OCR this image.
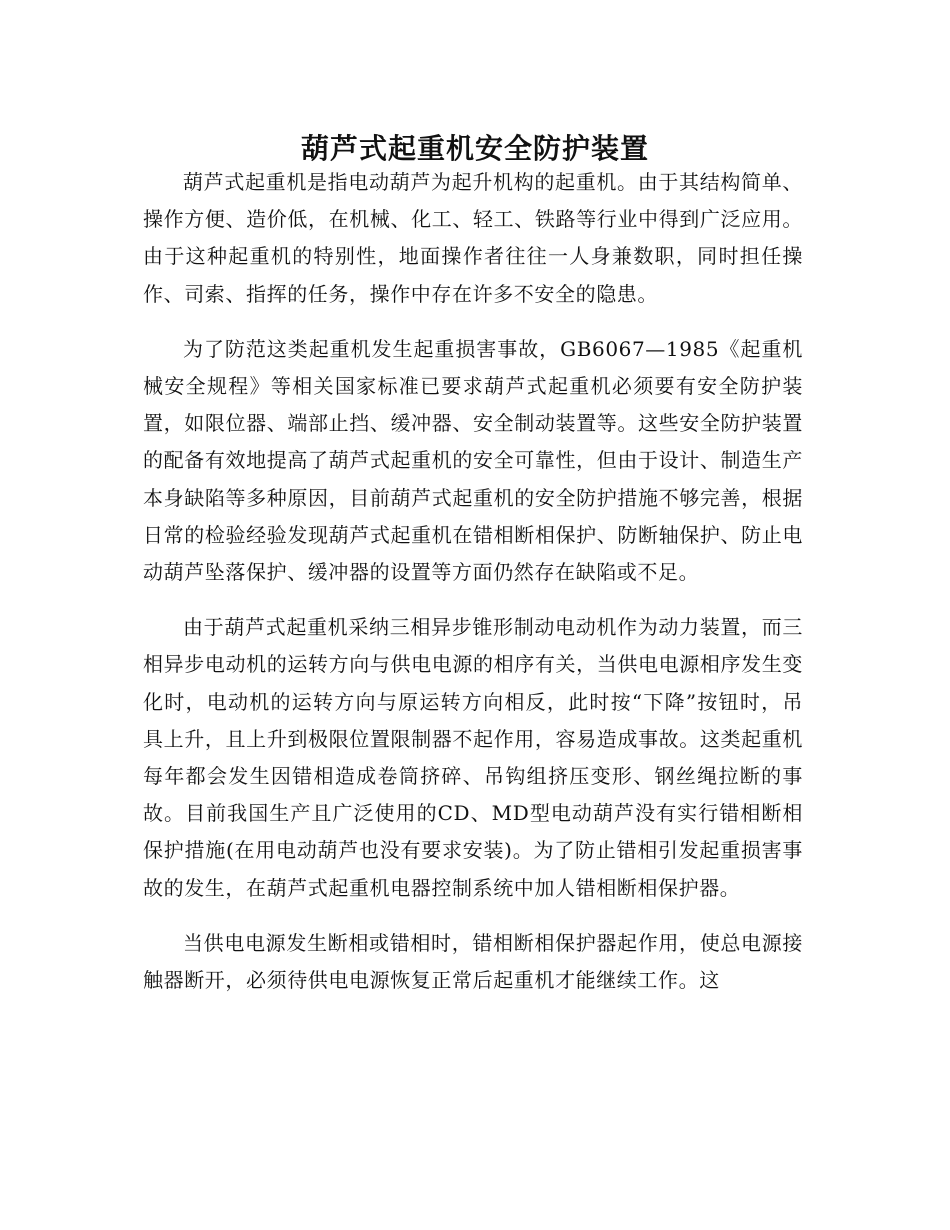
葫芦式起重机安全防护装置

葫芦式起重机是指电动葫芦为起升机构的起重机。由于其结构简单、操作方便、造价低，在机械、化工、轻工、铁路等行业中得到广泛应用。由于这种起重机的特别性，地面操作者往往一人身兼数职，同时担任操作、司索、指挥的任务，操作中存在许多不安全的隐患。

为了防范这类起重机发生起重损害事故，GB6067—1985《起重机械安全规程》等相关国家标准已要求葫芦式起重机必须要有安全防护装置，如限位器、端部止挡、缓冲器、安全制动装置等。这些安全防护装置的配备有效地提高了葫芦式起重机的安全可靠性，但由于设计、制造生产本身缺陷等多种原因，目前葫芦式起重机的安全防护措施不够完善，根据日常的检验经验发现葫芦式起重机在错相断相保护、防断轴保护、防止电动葫芦坠落保护、缓冲器的设置等方面仍然存在缺陷或不足。

由于葫芦式起重机采纳三相异步锥形制动电动机作为动力装置，而三相异步电动机的运转方向与供电电源的相序有关，当供电电源相序发生变化时，电动机的运转方向与原运转方向相反，此时按“下降”按钮时，吊具上升，且上升到极限位置限制器不起作用，容易造成事故。这类起重机每年都会发生因错相造成卷筒挤碎、吊钩组挤压变形、钢丝绳拉断的事故。目前我国生产且广泛使用的CD、MD型电动葫芦没有实行错相断相保护措施(在用电动葫芦也没有要求安装)。为了防止错相引发起重损害事故的发生，在葫芦式起重机电器控制系统中加人错相断相保护器。

当供电电源发生断相或错相时，错相断相保护器起作用，使总电源接触器断开，必须待供电电源恢复正常后起重机才能继续工作。这
